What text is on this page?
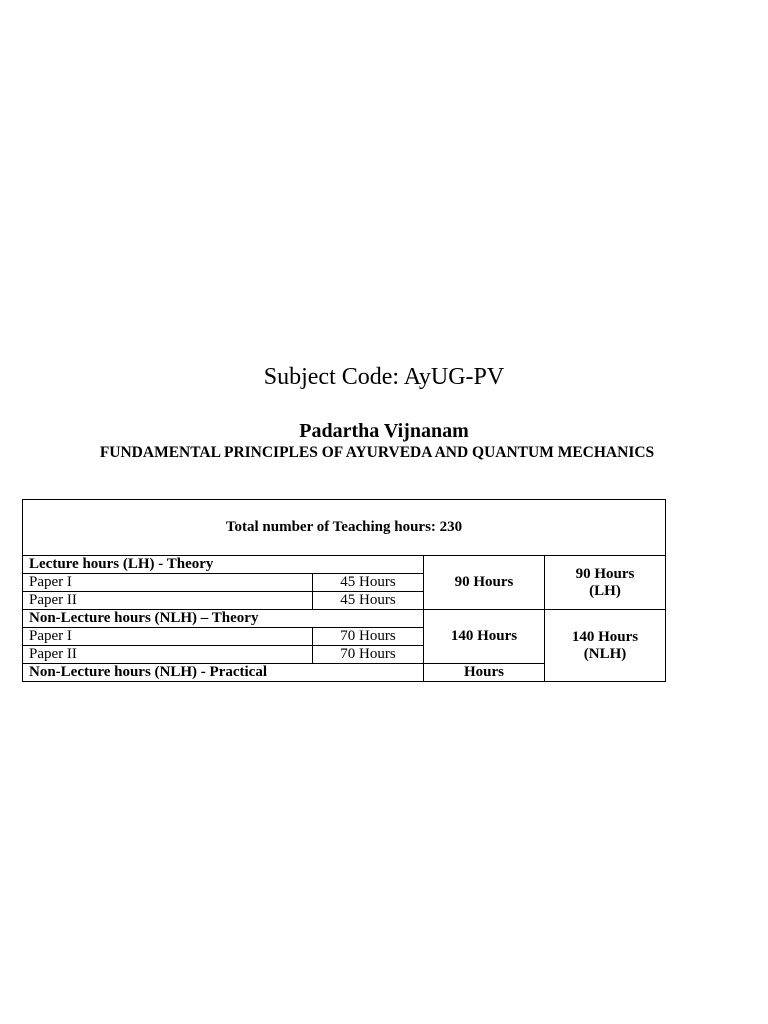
Subject Code: AyUG-PV
Padartha Vijnanam
FUNDAMENTAL PRINCIPLES OF AYURVEDA AND QUANTUM MECHANICS
Total number of Teaching hours: 230			
Lecture hours (LH) - Theory		90 Hours	90 Hours
(LH)
Paper I	45 Hours		
Paper II	45 Hours		
Non-Lecture hours (NLH) – Theory		140 Hours	140 Hours
(NLH)
Paper I	70 Hours		
Paper II	70 Hours		
Non-Lecture hours (NLH) - Practical		Hours	
